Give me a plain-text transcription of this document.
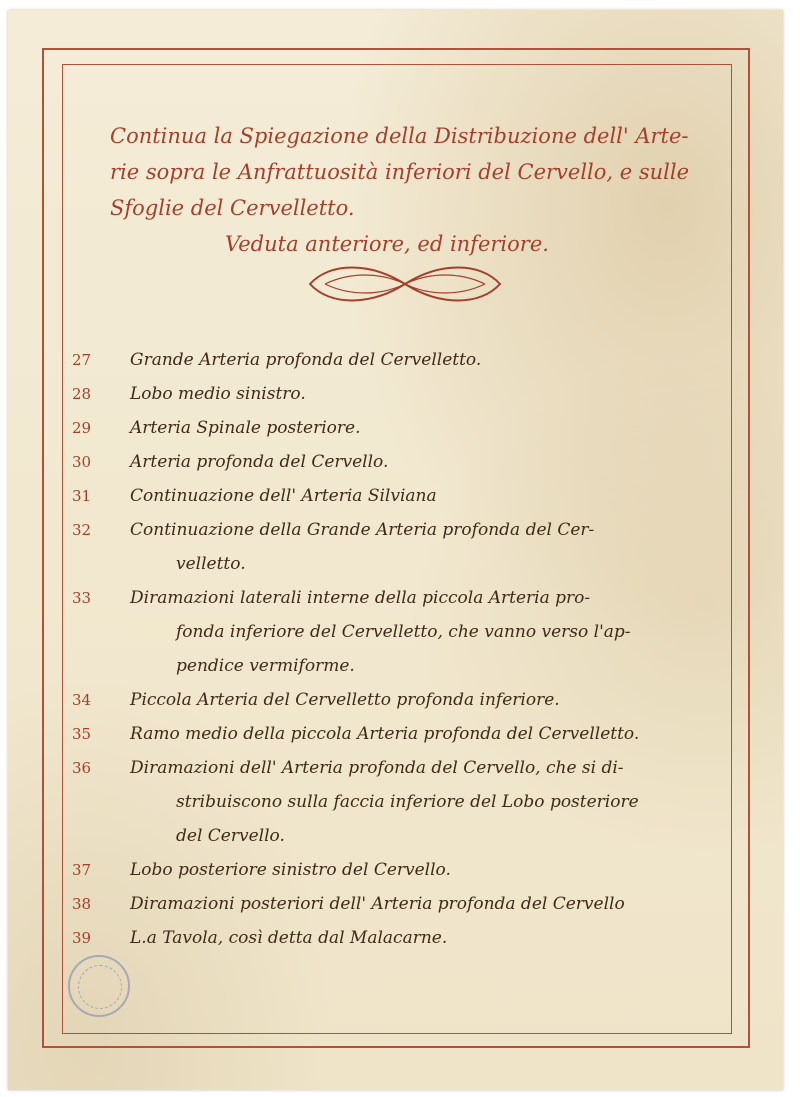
Continua la Spiegazione della Distribuzione dell' Arte-
rie sopra le Anfrattuosità inferiori del Cervello, e sulle
Sfoglie del Cervelletto.
Veduta anteriore, ed inferiore.
27	Grande Arteria profonda del Cervelletto.
28	Lobo medio sinistro.
29	Arteria Spinale posteriore.
30	Arteria profonda del Cervello.
31	Continuazione dell' Arteria Silviana
32	Continuazione della Grande Arteria profonda del Cer-
velletto.
33	Diramazioni laterali interne della piccola Arteria pro-
fonda inferiore del Cervelletto, che vanno verso l'ap-
pendice vermiforme.
34	Piccola Arteria del Cervelletto profonda inferiore.
35	Ramo medio della piccola Arteria profonda del Cervelletto.
36	Diramazioni dell' Arteria profonda del Cervello, che si di-
stribuiscono sulla faccia inferiore del Lobo posteriore
del Cervello.
37	Lobo posteriore sinistro del Cervello.
38	Diramazioni posteriori dell' Arteria profonda del Cervello
39	L.a Tavola, così detta dal Malacarne.
